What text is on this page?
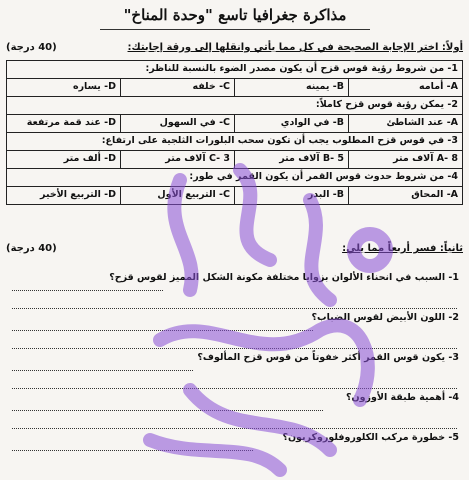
مذاكرة جغرافيا تاسع "وحدة المناخ"
أولاً: اختر الإجابة الصحيحة في كل مما يأتي وانقلها إلى ورقة إجابتك:
(40 درجة)
1- من شروط رؤية قوس قزح أن يكون مصدر الضوء بالنسبة للناظر:
A- أمامه
B- يمينه
C- خلفه
D- يساره
2- يمكن رؤية قوس قزح كاملاً:
A- عند الشاطئ
B- في الوادي
C- في السهول
D- عند قمة مرتفعة
3- في قوس قزح المطلوب يجب أن تكون سحب البلورات الثلجية على ارتفاع:
A- 8 آلاف متر
B- 5 آلاف متر
C- 3 آلاف متر
D- ألف متر
4- من شروط حدوث قوس القمر أن يكون القمر في طور:
A- المحاق
B- البدر
C- التربيع الأول
D- التربيع الأخير
ثانياً: فسر أربعاً مما يلي:
(40 درجة)
1- السبب في انحناء الألوان بزوايا مختلفة مكونة الشكل المميز لقوس قزح؟
2- اللون الأبيض لقوس الضباب؟
3- يكون قوس القمر أكثر خفوتاً من قوس قزح المألوف؟
4- أهمية طبقة الأوزون؟
5- خطورة مركب الكلوروفلوروكربون؟
